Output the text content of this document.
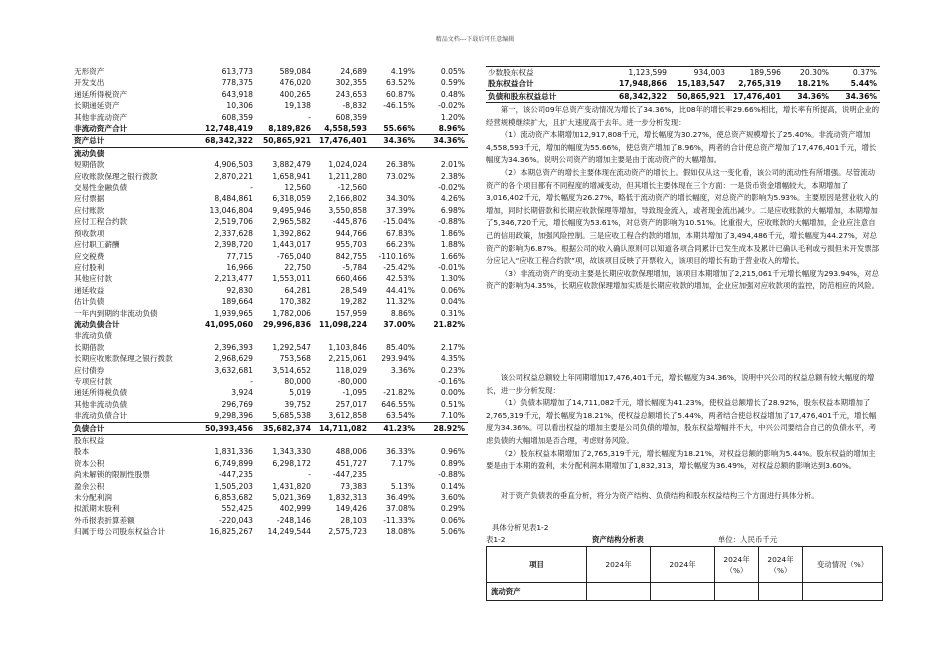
精品文档---下载后可任意编辑
无形资产	613,773	589,084	24,689	4.19%	0.05%
开发支出	778,375	476,020	302,355	63.52%	0.59%
递延所得税资产	643,918	400,265	243,653	60.87%	0.48%
长期递延资产	10,306	19,138	-8,832	-46.15%	-0.02%
其他非流动资产	608,359	-	608,359		1.20%
非流动资产合计	12,748,419	8,189,826	4,558,593	55.66%	8.96%
资产总计	68,342,322	50,865,921	17,476,401	34.36%	34.36%
流动负债					
短期借款	4,906,503	3,882,479	1,024,024	26.38%	2.01%
应收账款保理之银行拨款	2,870,221	1,658,941	1,211,280	73.02%	2.38%
交易性金融负债	-	12,560	-12,560		-0.02%
应付票据	8,484,861	6,318,059	2,166,802	34.30%	4.26%
应付账款	13,046,804	9,495,946	3,550,858	37.39%	6.98%
应付工程合约款	2,519,706	2,965,582	-445,876	-15.04%	-0.88%
预收款项	2,337,628	1,392,862	944,766	67.83%	1.86%
应付职工薪酬	2,398,720	1,443,017	955,703	66.23%	1.88%
应交税费	77,715	-765,040	842,755	-110.16%	1.66%
应付股利	16,966	22,750	-5,784	-25.42%	-0.01%
其他应付款	2,213,477	1,553,011	660,466	42.53%	1.30%
递延收益	92,830	64,281	28,549	44.41%	0.06%
估计负债	189,664	170,382	19,282	11.32%	0.04%
一年内到期的非流动负债	1,939,965	1,782,006	157,959	8.86%	0.31%
流动负债合计	41,095,060	29,996,836	11,098,224	37.00%	21.82%
非流动负债					
长期借款	2,396,393	1,292,547	1,103,846	85.40%	2.17%
长期应收账款保理之银行拨款	2,968,629	753,568	2,215,061	293.94%	4.35%
应付债券	3,632,681	3,514,652	118,029	3.36%	0.23%
专项应付款	-	80,000	-80,000		-0.16%
递延所得税负债	3,924	5,019	-1,095	-21.82%	0.00%
其他非流动负债	296,769	39,752	257,017	646.55%	0.51%
非流动负债合计	9,298,396	5,685,538	3,612,858	63.54%	7.10%
负债合计	50,393,456	35,682,374	14,711,082	41.23%	28.92%
股东权益					
股本	1,831,336	1,343,330	488,006	36.33%	0.96%
资本公积	6,749,899	6,298,172	451,727	7.17%	0.89%
尚未解锁的限制性股票	-447,235	-	-447,235		-0.88%
盈余公积	1,505,203	1,431,820	73,383	5.13%	0.14%
未分配利润	6,853,682	5,021,369	1,832,313	36.49%	3.60%
拟派期末股利	552,425	402,999	149,426	37.08%	0.29%
外币报表折算差额	-220,043	-248,146	28,103	-11.33%	0.06%
归属于母公司股东权益合计	16,825,267	14,249,544	2,575,723	18.08%	5.06%
少数股东权益	1,123,599	934,003	189,596	20.30%	0.37%
股东权益合计	17,948,866	15,183,547	2,765,319	18.21%	5.44%
负债和股东权益总计	68,342,322	50,865,921	17,476,401	34.36%	34.36%

第一，该公司09年总资产变动情况为增长了34.36%，比08年的增长率29.66%相比，增长率有所提高，说明企业的经营规模继续扩大，且扩大速度高于去年。进一步分析发现：

（1）流动资产本期增加12,917,808千元，增长幅度为30.27%，使总资产规模增长了25.40%。非流动资产增加4,558,593千元，增加的幅度为55.66%，使总资产增加了8.96%，两者的合计使总资产增加了17,476,401千元，增长幅度为34.36%。说明公司资产的增加主要是由于流动资产的大幅增加。

（2）本期总资产的增长主要体现在流动资产的增长上。假如仅从这一变化看，该公司的流动性有所增强。尽管流动资产的各个项目都有不同程度的增减变动，但其增长主要体现在三个方面：一是货币资金增幅较大，本期增加了3,016,402千元，增长幅度为26.27%，略低于流动资产的增长幅度，对总资产的影响为5.93%。主要原因是营业收入的增加，同时长期借款和长期应收款保理等增加，导致现金流入，或者现金流出减少。二是应收账款的大幅增加，本期增加了5,346,720千元，增长幅度为53.61%，对总资产的影响为10.51%。比重很大，应收账款的大幅增加，企业应注意自己的信用政策，加强风险控制。三是应收工程合约款的增加，本期共增加了3,494,486千元，增长幅度为44.27%，对总资产的影响为6.87%。根据公司的收入确认原则可以知道各项合同累计已发生成本及累计已确认毛利或亏损但未开发票部分应记入“应收工程合约款”项，故该项目反映了开票收入，该项目的增长有助于营业收入的增长。

（3）非流动资产的变动主要是长期应收款保理增加，该项目本期增加了2,215,061千元增长幅度为293.94%，对总资产的影响为4.35%，长期应收款保理增加实质是长期应收款的增加，企业应加强对应收款项的监控，防范相应的风险。

该公司权益总额较上年同期增加17,476,401千元，增长幅度为34.36%，说明中兴公司的权益总额有较大幅度的增长，进一步分析发现：

（1）负债本期增加了14,711,082千元，增长幅度为41.23%，使权益总额增长了28.92%，股东权益本期增加了2,765,319千元，增长幅度为18.21%，使权益总额增长了5.44%，两者结合使总权益增加了17,476,401千元，增长幅度为34.36%。可以看出权益的增加主要是公司负债的增加，股东权益增幅并不大，中兴公司要结合自己的负债水平，考虑负债的大幅增加是否合理，考虑财务风险。

（2）股东权益本期增加了2,765,319千元，增长幅度为18.21%，对权益总额的影响为5.44%。股东权益的增加主要是由于本期的盈利，未分配利润本期增加了1,832,313，增长幅度为36.49%，对权益总额的影响达到3.60%。

对于资产负债表的垂直分析，将分为资产结构、负债结构和股东权益结构三个方面进行具体分析。

具体分析见表1-2
表1-2	资产结构分析表	单位：人民币千元
项目	2024年	2024年	2024年（%）	2024年（%）	变动情况（%）
流动资产					
